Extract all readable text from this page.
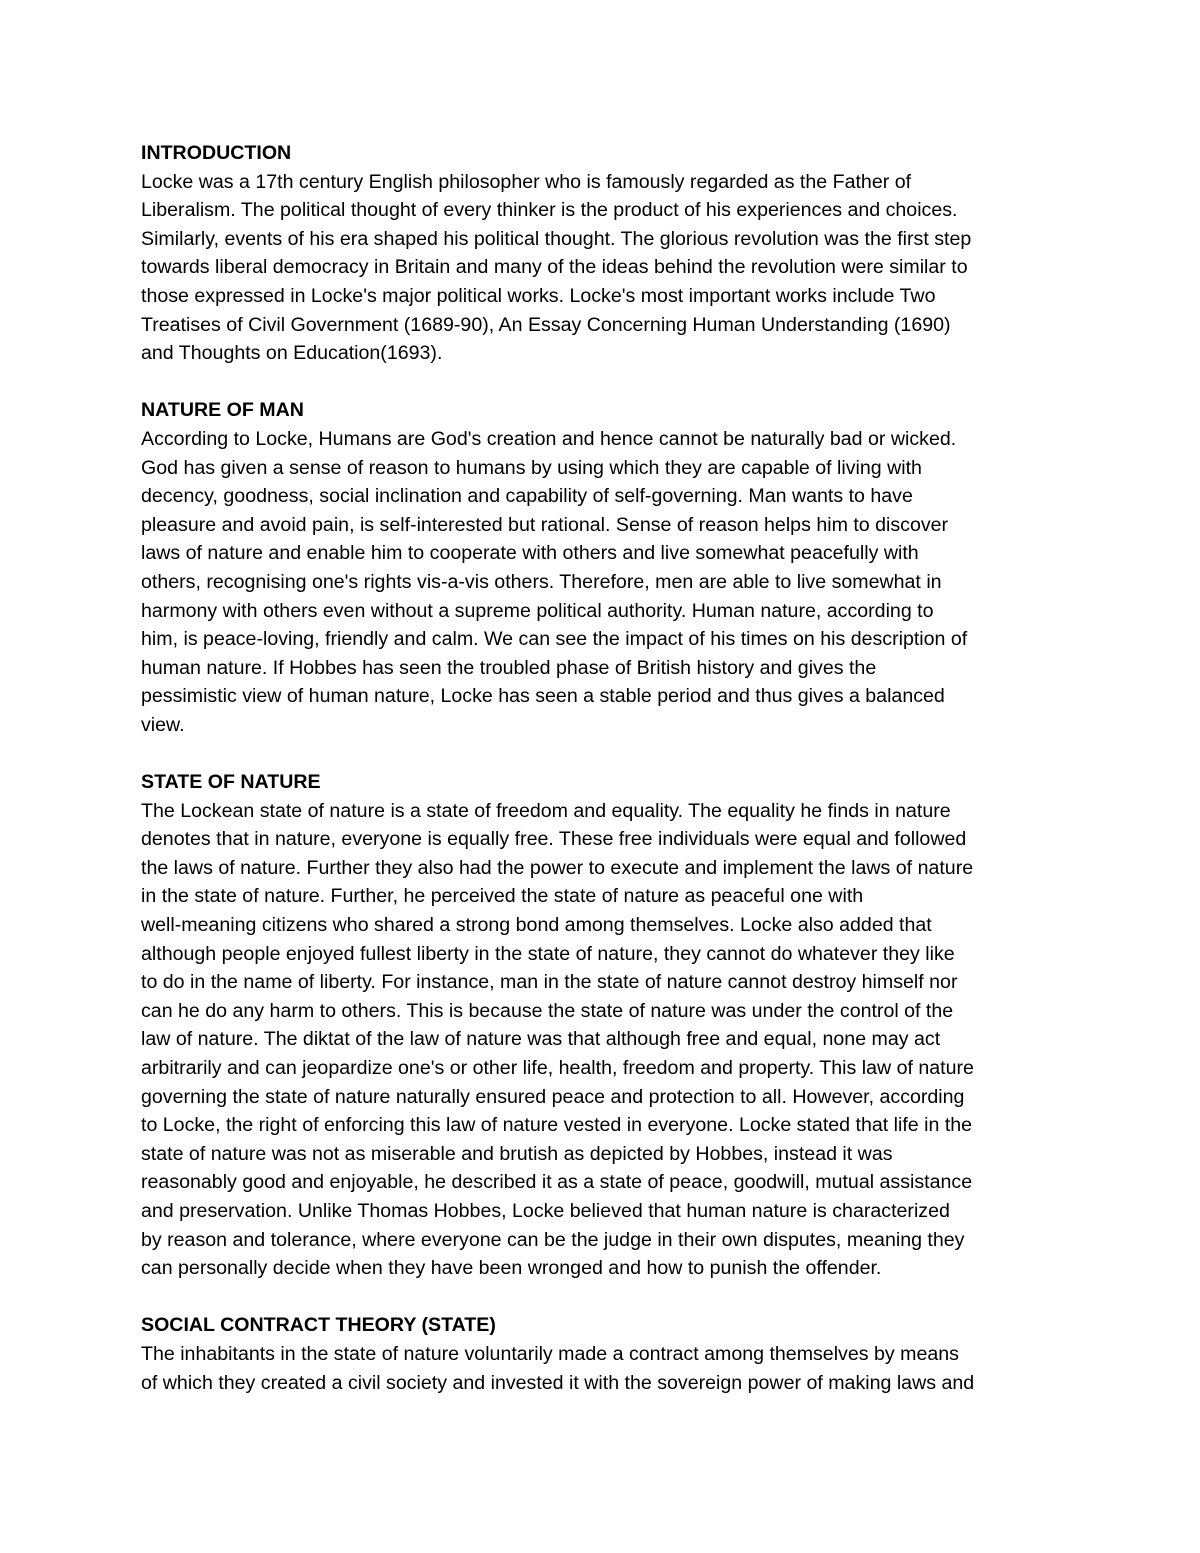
INTRODUCTION
Locke was a 17th century English philosopher who is famously regarded as the Father of
Liberalism. The political thought of every thinker is the product of his experiences and choices.
Similarly, events of his era shaped his political thought. The glorious revolution was the first step
towards liberal democracy in Britain and many of the ideas behind the revolution were similar to
those expressed in Locke's major political works. Locke's most important works include Two
Treatises of Civil Government (1689-90), An Essay Concerning Human Understanding (1690)
and Thoughts on Education(1693).
NATURE OF MAN
According to Locke, Humans are God's creation and hence cannot be naturally bad or wicked.
God has given a sense of reason to humans by using which they are capable of living with
decency, goodness, social inclination and capability of self-governing. Man wants to have
pleasure and avoid pain, is self-interested but rational. Sense of reason helps him to discover
laws of nature and enable him to cooperate with others and live somewhat peacefully with
others, recognising one's rights vis-a-vis others. Therefore, men are able to live somewhat in
harmony with others even without a supreme political authority. Human nature, according to
him, is peace-loving, friendly and calm. We can see the impact of his times on his description of
human nature. If Hobbes has seen the troubled phase of British history and gives the
pessimistic view of human nature, Locke has seen a stable period and thus gives a balanced
view.
STATE OF NATURE
The Lockean state of nature is a state of freedom and equality. The equality he finds in nature
denotes that in nature, everyone is equally free. These free individuals were equal and followed
the laws of nature. Further they also had the power to execute and implement the laws of nature
in the state of nature. Further, he perceived the state of nature as peaceful one with
well-meaning citizens who shared a strong bond among themselves. Locke also added that
although people enjoyed fullest liberty in the state of nature, they cannot do whatever they like
to do in the name of liberty. For instance, man in the state of nature cannot destroy himself nor
can he do any harm to others. This is because the state of nature was under the control of the
law of nature. The diktat of the law of nature was that although free and equal, none may act
arbitrarily and can jeopardize one's or other life, health, freedom and property. This law of nature
governing the state of nature naturally ensured peace and protection to all. However, according
to Locke, the right of enforcing this law of nature vested in everyone. Locke stated that life in the
state of nature was not as miserable and brutish as depicted by Hobbes, instead it was
reasonably good and enjoyable, he described it as a state of peace, goodwill, mutual assistance
and preservation. Unlike Thomas Hobbes, Locke believed that human nature is characterized
by reason and tolerance, where everyone can be the judge in their own disputes, meaning they
can personally decide when they have been wronged and how to punish the offender.
SOCIAL CONTRACT THEORY (STATE)
The inhabitants in the state of nature voluntarily made a contract among themselves by means
of which they created a civil society and invested it with the sovereign power of making laws and
